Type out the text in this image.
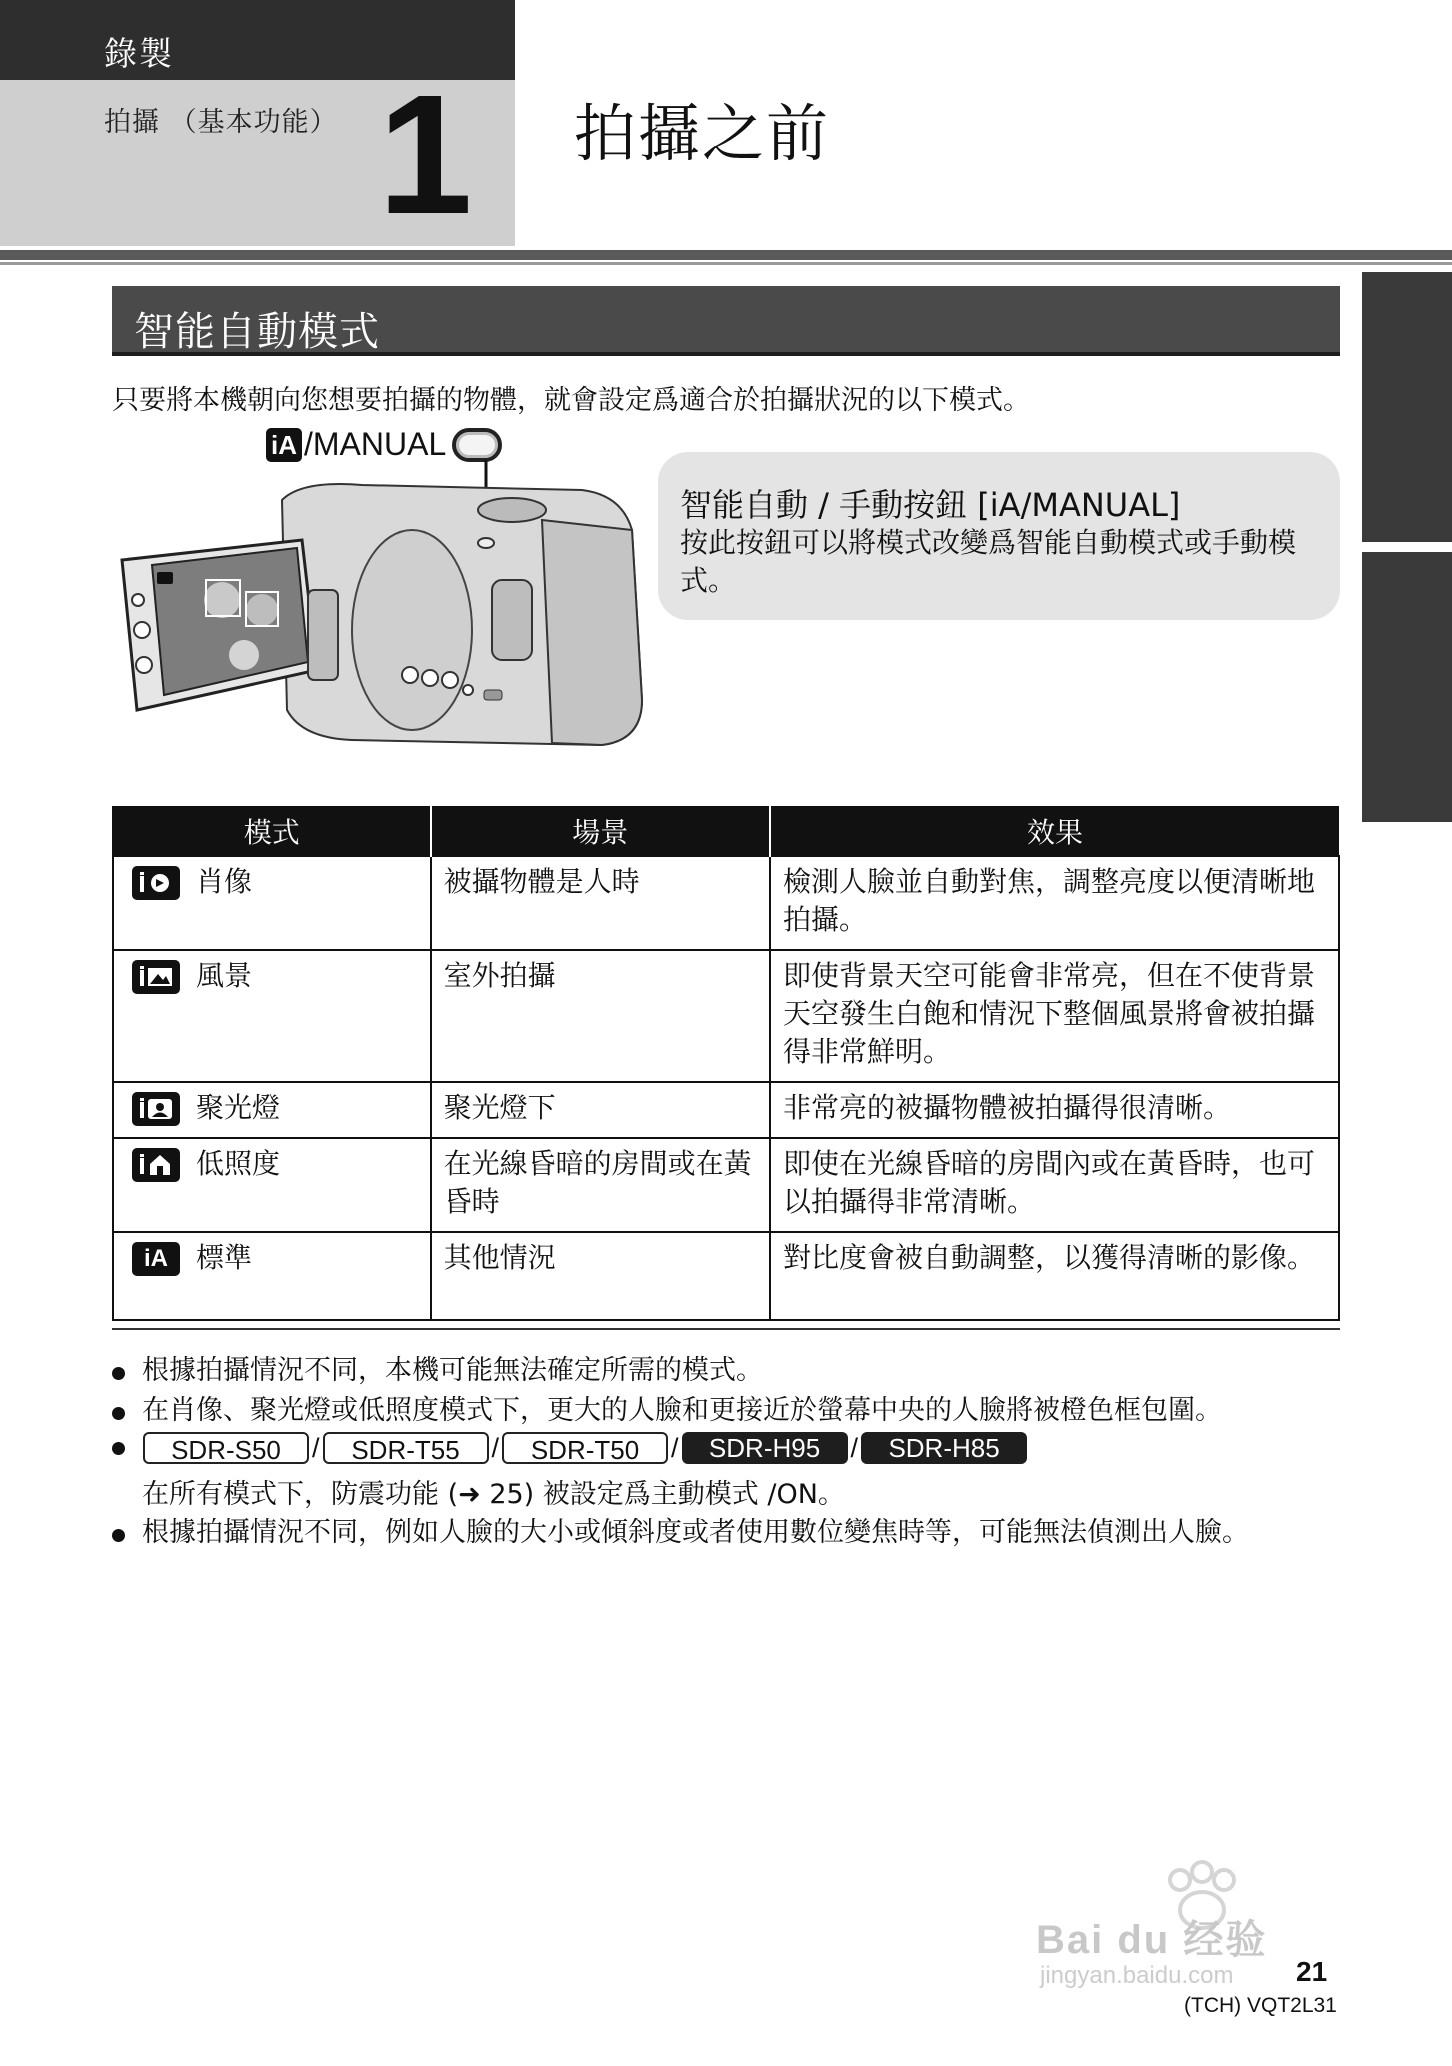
錄製
拍攝 （基本功能） 1 拍攝之前
智能自動模式
只要將本機朝向您想要拍攝的物體，就會設定爲適合於拍攝狀況的以下模式。
iA /MANUAL
智能自動 / 手動按鈕 [iA/MANUAL]

按此按鈕可以將模式改變爲智能自動模式或手動模式。

模式	場景	效果

肖像	被攝物體是人時	檢測人臉並自動對焦，調整亮度以便清晰地拍攝。

風景	室外拍攝	即使背景天空可能會非常亮，但在不使背景天空發生白飽和情況下整個風景將會被拍攝得非常鮮明。

聚光燈	聚光燈下	非常亮的被攝物體被拍攝得很清晰。

低照度	在光線昏暗的房間或在黃昏時	即使在光線昏暗的房間內或在黃昏時，也可以拍攝得非常清晰。

iA 標準	其他情況	對比度會被自動調整，以獲得清晰的影像。
根據拍攝情況不同，本機可能無法確定所需的模式。
在肖像、聚光燈或低照度模式下，更大的人臉和更接近於螢幕中央的人臉將被橙色框包圍。
SDR-S50	/	SDR-T55	/	SDR-T50	/	SDR-H95	/	SDR-H85
在所有模式下，防震功能 (➜ 25) 被設定爲主動模式 /ON。
根據拍攝情況不同，例如人臉的大小或傾斜度或者使用數位變焦時等，可能無法偵測出人臉。
Bai du 经验
jingyan.baidu.com 21
(TCH) VQT2L31
